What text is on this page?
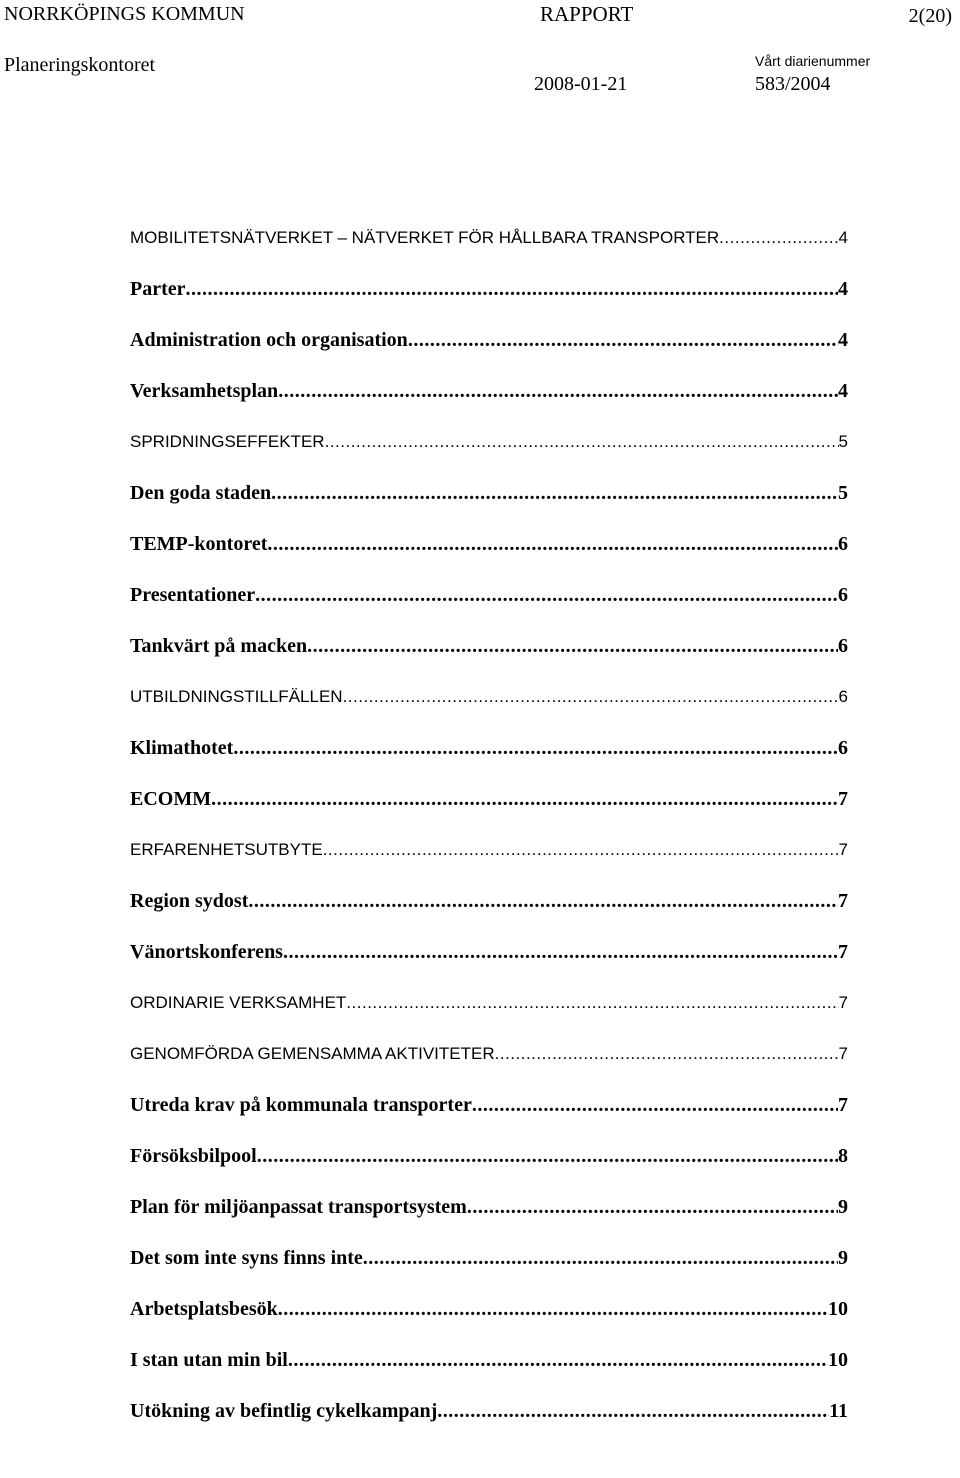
NORRKÖPINGS KOMMUN	RAPPORT	2(20)
Planeringskontoret	Vårt diarienummer
2008-01-21	583/2004
MOBILITETSNÄTVERKET – NÄTVERKET FÖR HÅLLBARA TRANSPORTER .....	4
Parter .....	4
Administration och organisation .....	4
Verksamhetsplan .....	4
SPRIDNINGSEFFEKTER .....	5
Den goda staden .....	5
TEMP-kontoret .....	6
Presentationer .....	6
Tankvärt på macken .....	6
UTBILDNINGSTILLFÄLLEN .....	6
Klimathotet .....	6
ECOMM .....	7
ERFARENHETSUTBYTE .....	7
Region sydost .....	7
Vänortskonferens .....	7
ORDINARIE VERKSAMHET .....	7
GENOMFÖRDA GEMENSAMMA AKTIVITETER .....	7
Utreda krav på kommunala transporter .....	7
Försöksbilpool .....	8
Plan för miljöanpassat transportsystem .....	9
Det som inte syns finns inte .....	9
Arbetsplatsbesök .....	10
I stan utan min bil .....	10
Utökning av befintlig cykelkampanj .....	11
